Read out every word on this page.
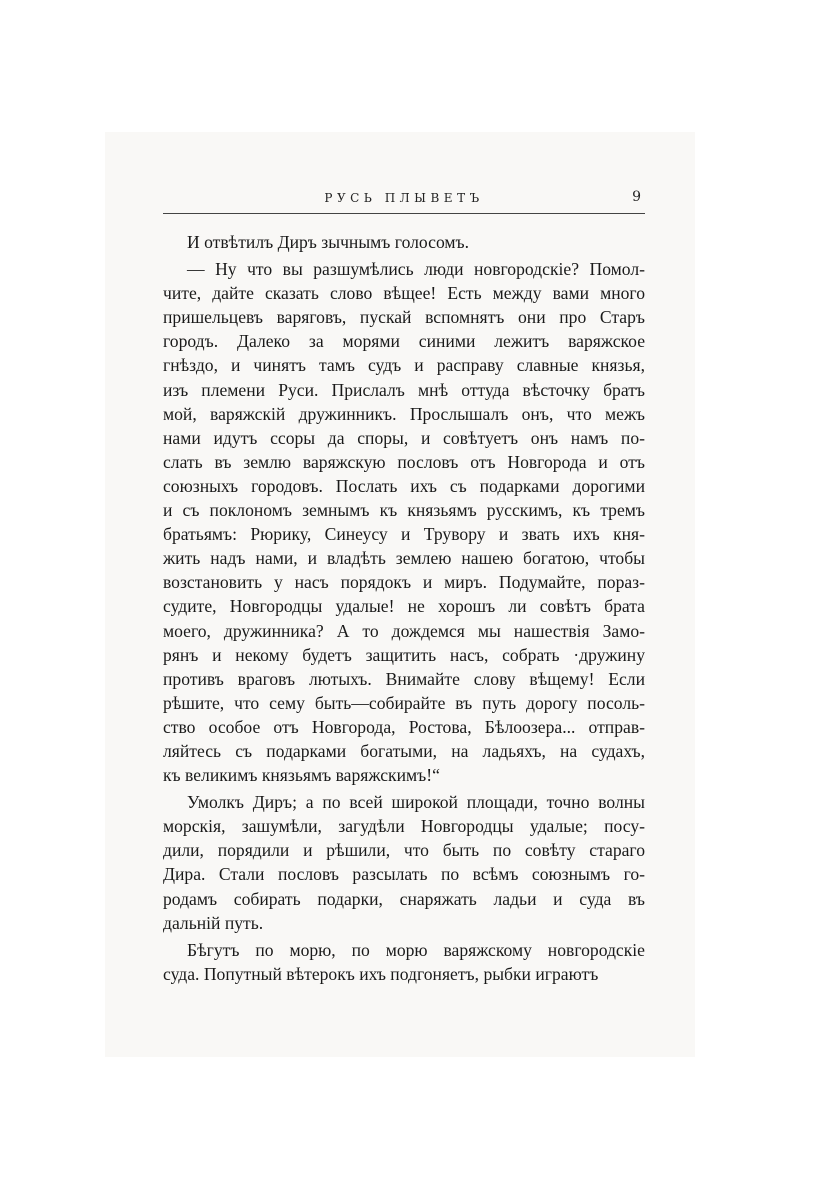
РУСЬ ПЛЫВЕТЪ	9
И отвѣтилъ Диръ зычнымъ голосомъ.
— Ну что вы разшумѣлись люди новгородскіе? Помол-
чите, дайте сказать слово вѣщее! Есть между вами много
пришельцевъ варяговъ, пускай вспомнятъ они про Старъ
городъ. Далеко за морями синими лежитъ варяжское
гнѣздо, и чинятъ тамъ судъ и расправу славные князья,
изъ племени Руси. Прислалъ мнѣ оттуда вѣсточку братъ
мой, варяжскій дружинникъ. Прослышалъ онъ, что межъ
нами идутъ ссоры да споры, и совѣтуетъ онъ намъ по-
слать въ землю варяжскую пословъ отъ Новгорода и отъ
союзныхъ городовъ. Послать ихъ съ подарками дорогими
и съ поклономъ земнымъ къ князьямъ русскимъ, къ тремъ
братьямъ: Рюрику, Синеусу и Трувору и звать ихъ кня-
жить надъ нами, и владѣть землею нашею богатою, чтобы
возстановить у насъ порядокъ и миръ. Подумайте, пораз-
судите, Новгородцы удалые! не хорошъ ли совѣтъ брата
моего, дружинника? А то дождемся мы нашествія Замо-
рянъ и некому будетъ защитить насъ, собрать ·дружину
противъ враговъ лютыхъ. Внимайте слову вѣщему! Если
рѣшите, что сему быть—собирайте въ путь дорогу посоль-
ство особое отъ Новгорода, Ростова, Бѣлоозера... отправ-
ляйтесь съ подарками богатыми, на ладьяхъ, на судахъ,
къ великимъ князьямъ варяжскимъ!“
Умолкъ Диръ; а по всей широкой площади, точно волны
морскія, зашумѣли, загудѣли Новгородцы удалые; посу-
дили, порядили и рѣшили, что быть по совѣту стараго
Дира. Стали пословъ разсылать по всѣмъ союзнымъ го-
родамъ собирать подарки, снаряжать ладьи и суда въ
дальній путь.
Бѣгутъ по морю, по морю варяжскому новгородскіе
суда. Попутный вѣтерокъ ихъ подгоняетъ, рыбки играютъ
